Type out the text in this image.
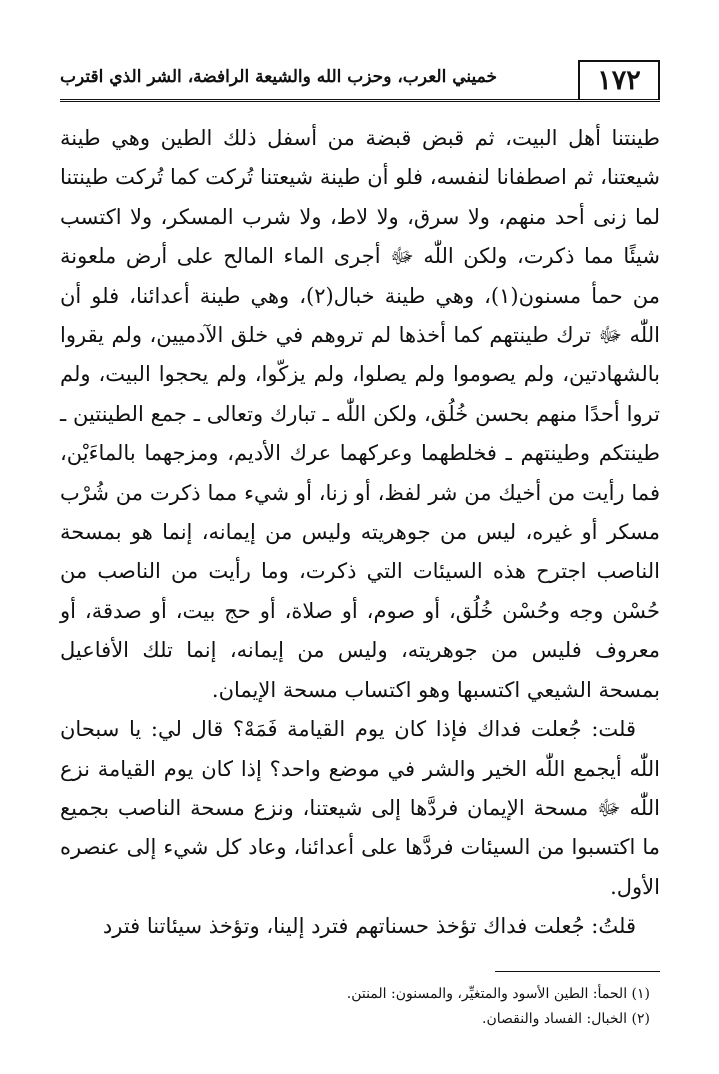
١٧٢
خميني العرب، وحزب الله والشيعة الرافضة، الشر الذي اقترب

طينتنا أهل البيت، ثم قبض قبضة من أسفل ذلك الطين وهي طينة شيعتنا، ثم اصطفانا لنفسه، فلو أن طينة شيعتنا تُركت كما تُركت طينتنا لما زنى أحد منهم، ولا سرق، ولا لاط، ولا شرب المسكر، ولا اكتسب شيئًا مما ذكرت، ولكن اللّٰه ﷻ أجرى الماء المالح على أرض ملعونة من حمأ مسنون(١)، وهي طينة خبال(٢)، وهي طينة أعدائنا، فلو أن اللّٰه ﷻ ترك طينتهم كما أخذها لم تروهم في خلق الآدميين، ولم يقروا بالشهادتين، ولم يصوموا ولم يصلوا، ولم يزكّوا، ولم يحجوا البيت، ولم تروا أحدًا منهم بحسن خُلُق، ولكن اللّٰه ـ تبارك وتعالى ـ جمع الطينتين ـ طينتكم وطينتهم ـ فخلطهما وعركهما عرك الأديم، ومزجهما بالماءَيْن، فما رأيت من أخيك من شر لفظ، أو زنا، أو شيء مما ذكرت من شُرْب مسكر أو غيره، ليس من جوهريته وليس من إيمانه، إنما هو بمسحة الناصب اجترح هذه السيئات التي ذكرت، وما رأيت من الناصب من حُسْن وجه وحُسْن خُلُق، أو صوم، أو صلاة، أو حج بيت، أو صدقة، أو معروف فليس من جوهريته، وليس من إيمانه، إنما تلك الأفاعيل بمسحة الشيعي اكتسبها وهو اكتساب مسحة الإيمان.

قلت: جُعلت فداك فإذا كان يوم القيامة فَمَهْ؟ قال لي: يا سبحان اللّٰه أيجمع اللّٰه الخير والشر في موضع واحد؟ إذا كان يوم القيامة نزع اللّٰه ﷻ مسحة الإيمان فردَّها إلى شيعتنا، ونزع مسحة الناصب بجميع ما اكتسبوا من السيئات فردَّها على أعدائنا، وعاد كل شيء إلى عنصره الأول.

قلتُ: جُعلت فداك تؤخذ حسناتهم فترد إلينا، وتؤخذ سيئاتنا فترد

(١) الحمأ: الطين الأسود والمتغيِّر، والمسنون: المنتن.

(٢) الخبال: الفساد والنقصان.
